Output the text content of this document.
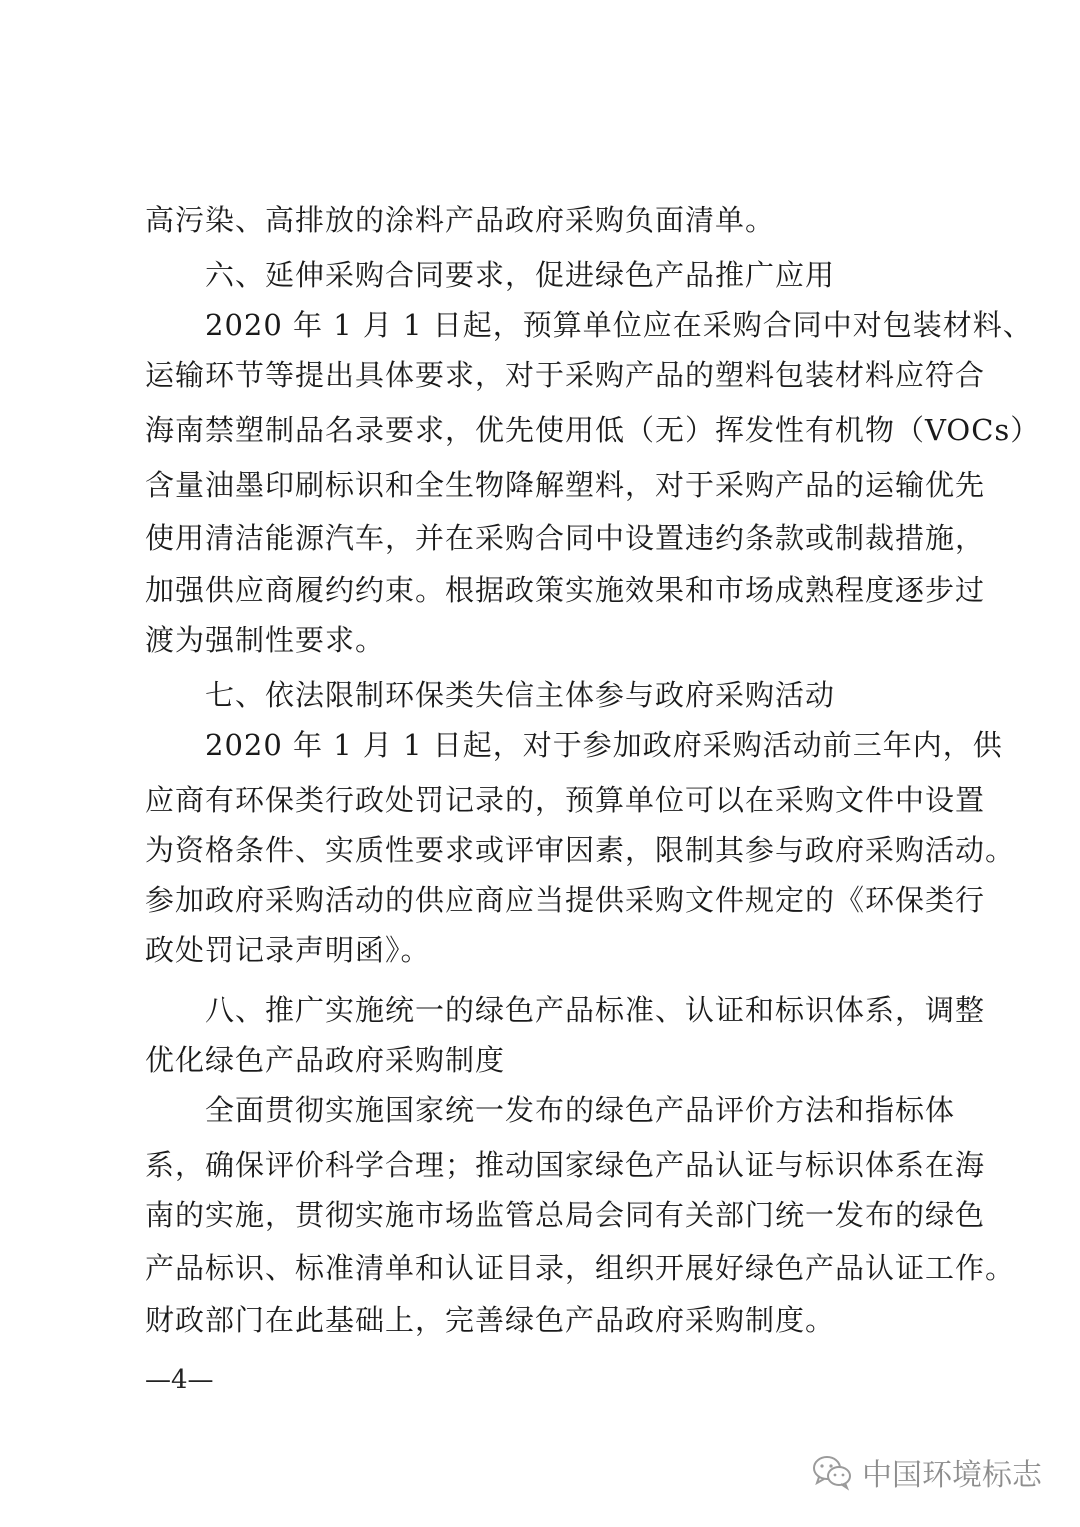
高污染、高排放的涂料产品政府采购负面清单。
六、延伸采购合同要求，促进绿色产品推广应用
2020 年 1 月 1 日起，预算单位应在采购合同中对包装材料、
运输环节等提出具体要求，对于采购产品的塑料包装材料应符合
海南禁塑制品名录要求，优先使用低（无）挥发性有机物（VOCs）
含量油墨印刷标识和全生物降解塑料，对于采购产品的运输优先
使用清洁能源汽车，并在采购合同中设置违约条款或制裁措施，
加强供应商履约约束。根据政策实施效果和市场成熟程度逐步过
渡为强制性要求。
七、依法限制环保类失信主体参与政府采购活动
2020 年 1 月 1 日起，对于参加政府采购活动前三年内，供
应商有环保类行政处罚记录的，预算单位可以在采购文件中设置
为资格条件、实质性要求或评审因素，限制其参与政府采购活动。
参加政府采购活动的供应商应当提供采购文件规定的《环保类行
政处罚记录声明函》。
八、推广实施统一的绿色产品标准、认证和标识体系，调整
优化绿色产品政府采购制度
全面贯彻实施国家统一发布的绿色产品评价方法和指标体
系，确保评价科学合理；推动国家绿色产品认证与标识体系在海
南的实施，贯彻实施市场监管总局会同有关部门统一发布的绿色
产品标识、标准清单和认证目录，组织开展好绿色产品认证工作。
财政部门在此基础上，完善绿色产品政府采购制度。
—4—
中国环境标志
